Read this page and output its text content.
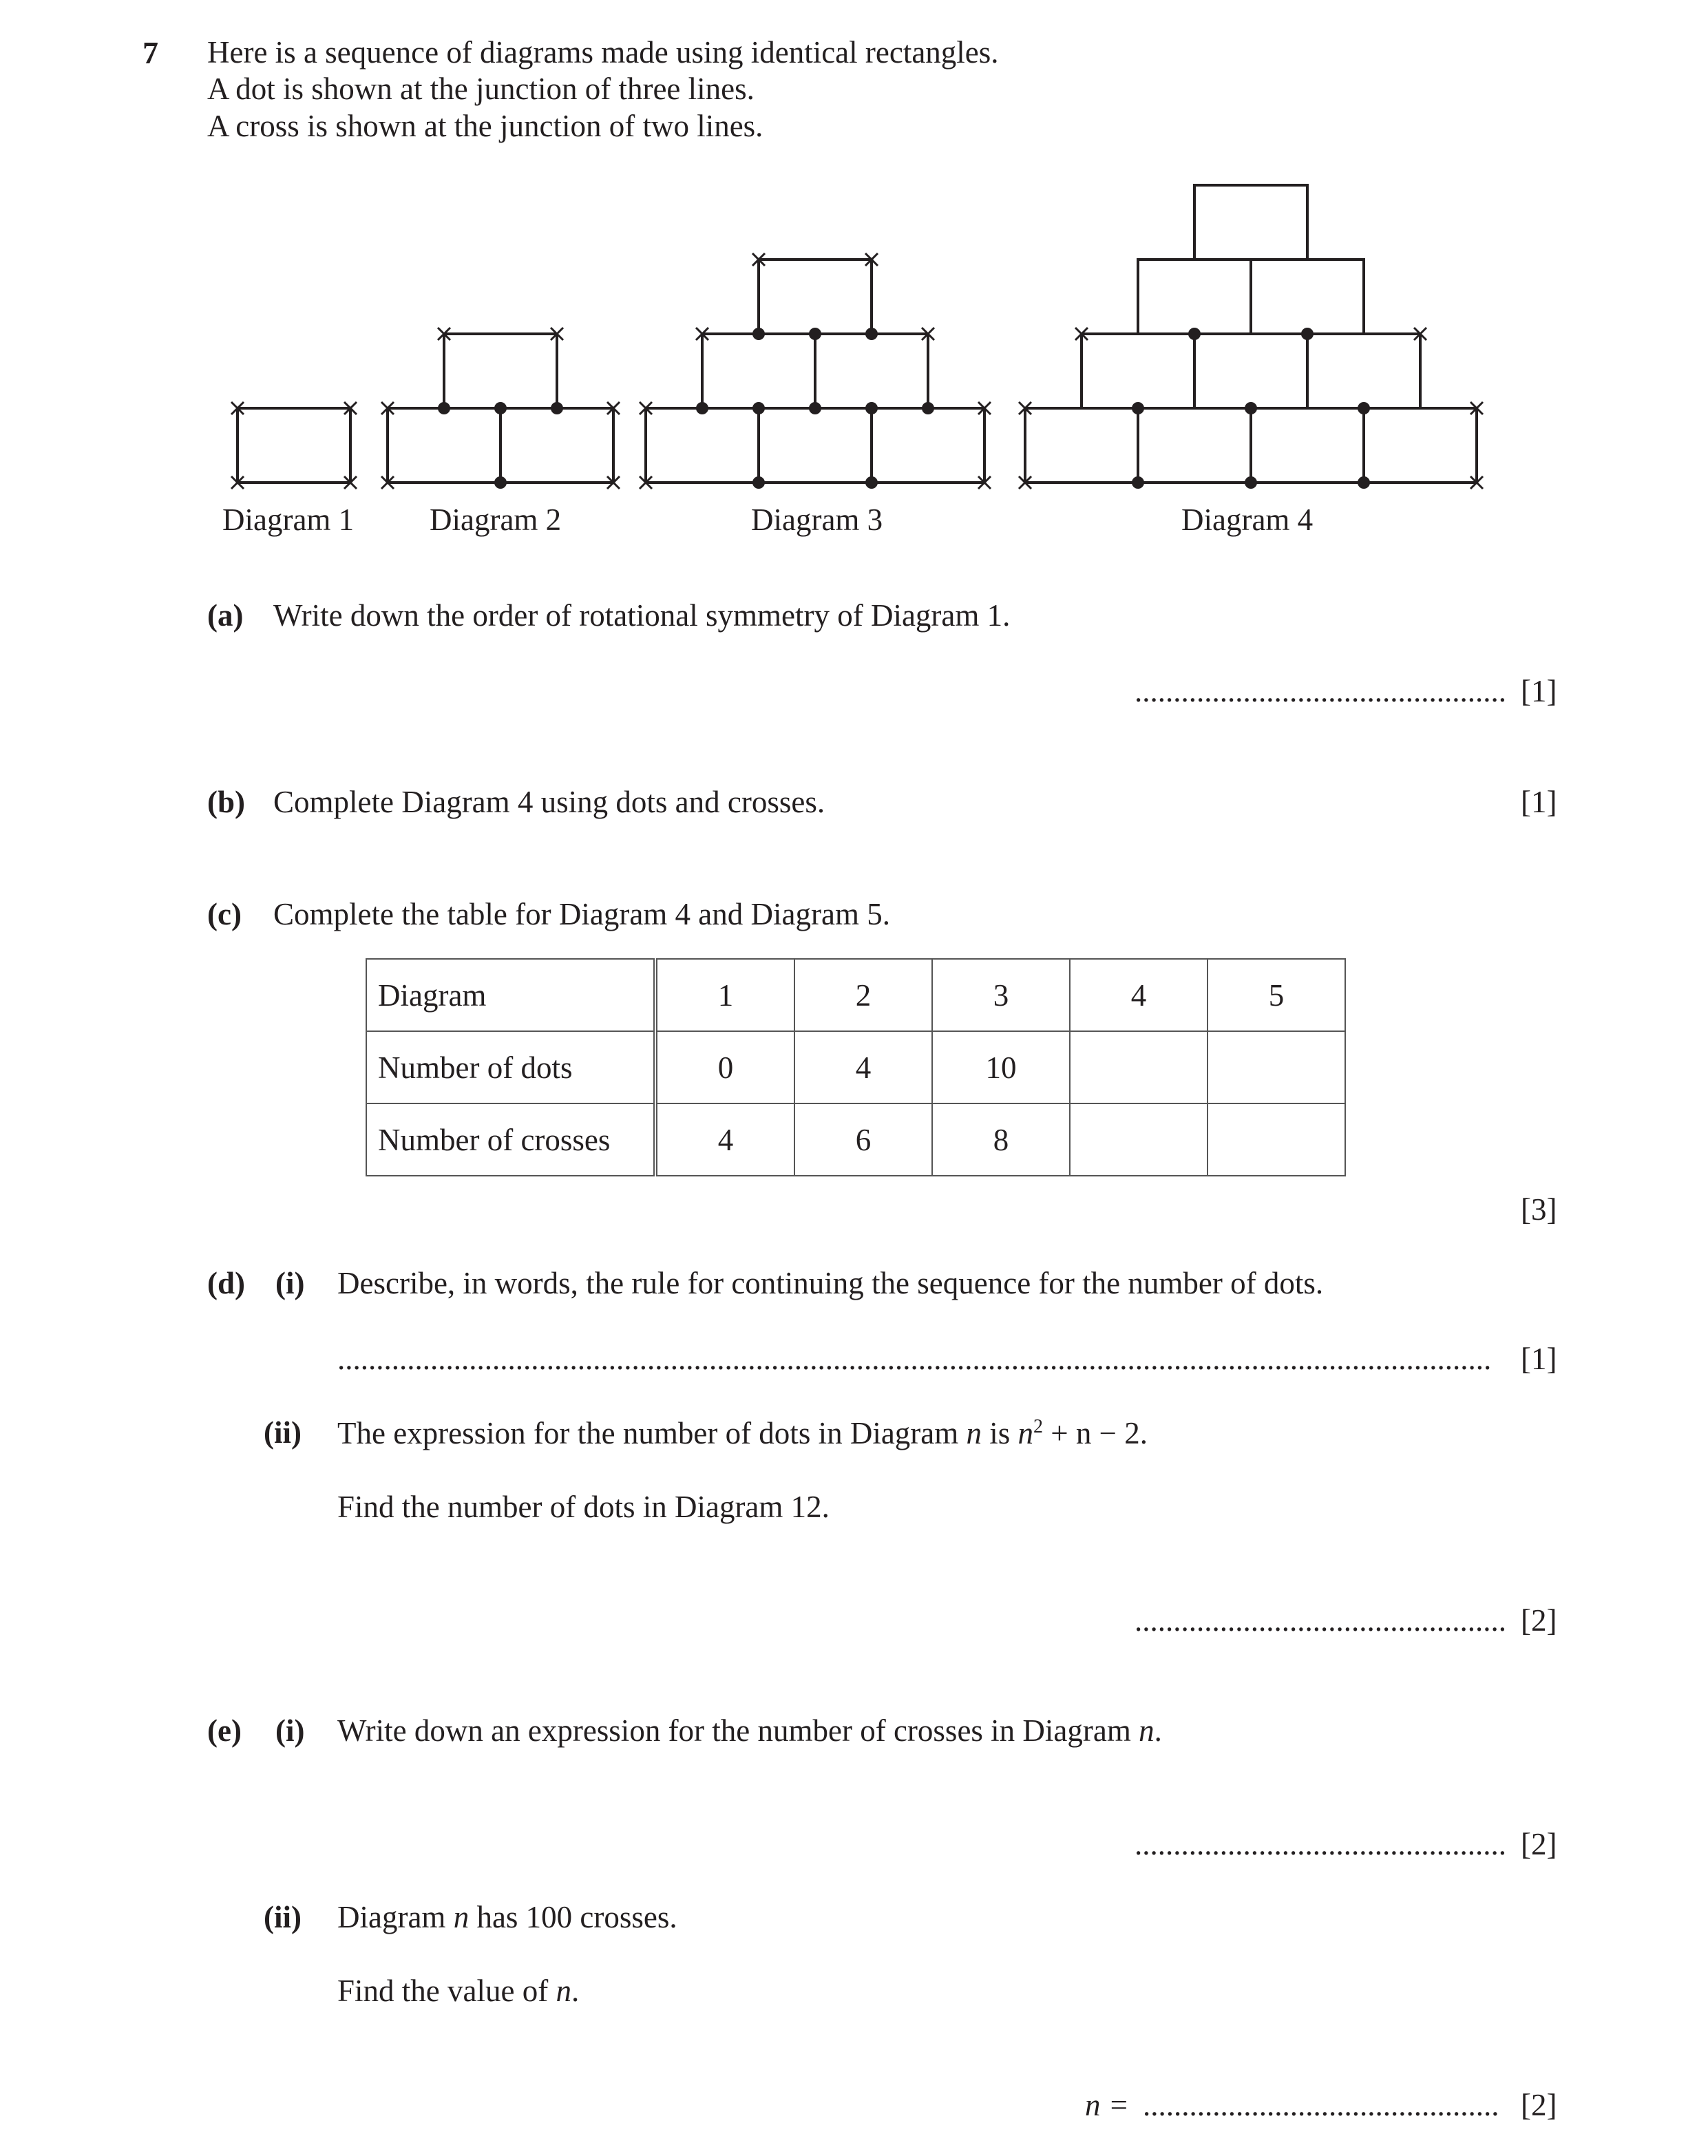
7 Here is a sequence of diagrams made using identical rectangles.
A dot is shown at the junction of three lines.
A cross is shown at the junction of two lines.
Diagram 1 Diagram 2	Diagram 3	Diagram 4
(a) Write down the order of rotational symmetry of Diagram 1.
................................................ [1]
(b) Complete Diagram 4 using dots and crosses.	[1]
(c) Complete the table for Diagram 4 and Diagram 5.
Diagram	1	2	3	4	5
Number of dots	0	4	10		
Number of crosses	4	6	8		
[3]
(d) (i) Describe, in words, the rule for continuing the sequence for the number of dots.
..................................................................................................................................................... [1]
(ii) The expression for the number of dots in Diagram n is $n^2 + n - 2$.
Find the number of dots in Diagram 12.
................................................ [2]
(e) (i) Write down an expression for the number of crosses in Diagram n.
................................................ [2]
(ii) Diagram n has 100 crosses.
Find the value of n.
n = .............................................. [2]
